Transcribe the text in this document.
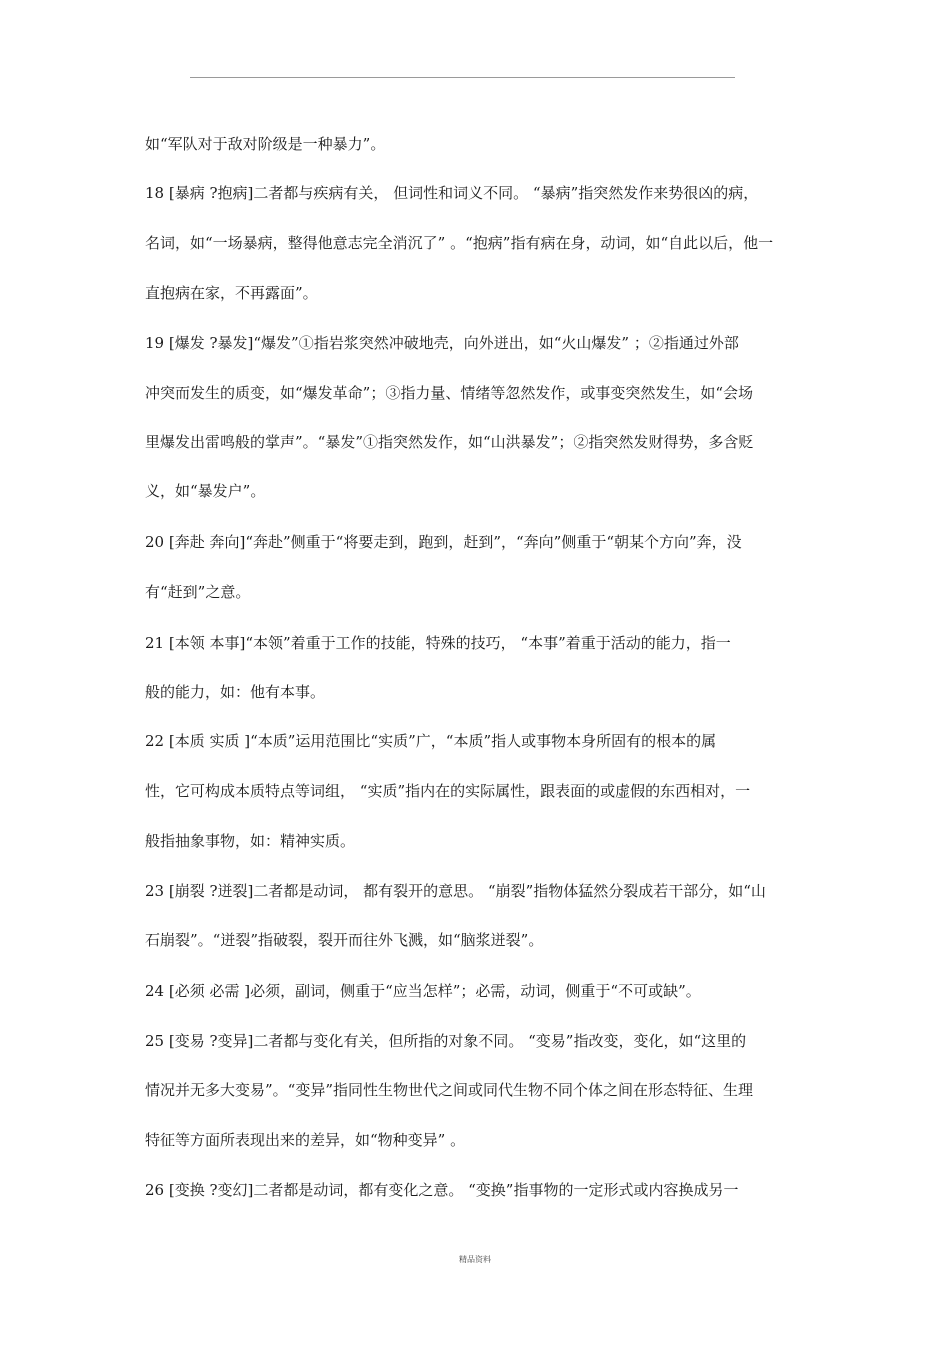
如“军队对于敌对阶级是一种暴力”。
18 [暴病 ?抱病]二者都与疾病有关， 但词性和词义不同。 “暴病”指突然发作来势很凶的病，
名词，如“一场暴病，整得他意志完全消沉了” 。“抱病”指有病在身，动词，如“自此以后，他一
直抱病在家，不再露面”。
19 [爆发 ?暴发]“爆发”①指岩浆突然冲破地壳，向外迸出，如“火山爆发” ；②指通过外部
冲突而发生的质变，如“爆发革命”；③指力量、情绪等忽然发作，或事变突然发生，如“会场
里爆发出雷鸣般的掌声”。“暴发”①指突然发作，如“山洪暴发”；②指突然发财得势，多含贬
义，如“暴发户”。
20 [奔赴 奔向]“奔赴”侧重于“将要走到，跑到，赶到”，“奔向”侧重于“朝某个方向”奔，没
有“赶到”之意。
21 [本领 本事]“本领”着重于工作的技能，特殊的技巧， “本事”着重于活动的能力，指一
般的能力，如：他有本事。
22 [本质 实质 ]“本质”运用范围比“实质”广，“本质”指人或事物本身所固有的根本的属
性，它可构成本质特点等词组， “实质”指内在的实际属性，跟表面的或虚假的东西相对，一
般指抽象事物，如：精神实质。
23 [崩裂 ?迸裂]二者都是动词， 都有裂开的意思。 “崩裂”指物体猛然分裂成若干部分，如“山
石崩裂”。“迸裂”指破裂，裂开而往外飞溅，如“脑浆迸裂”。
24 [必须 必需 ]必须，副词，侧重于“应当怎样”；必需，动词，侧重于“不可或缺”。
25 [变易 ?变异]二者都与变化有关，但所指的对象不同。 “变易”指改变，变化，如“这里的
情况并无多大变易”。“变异”指同性生物世代之间或同代生物不同个体之间在形态特征、生理
特征等方面所表现出来的差异，如“物种变异” 。
26 [变换 ?变幻]二者都是动词，都有变化之意。 “变换”指事物的一定形式或内容换成另一
精品资料
